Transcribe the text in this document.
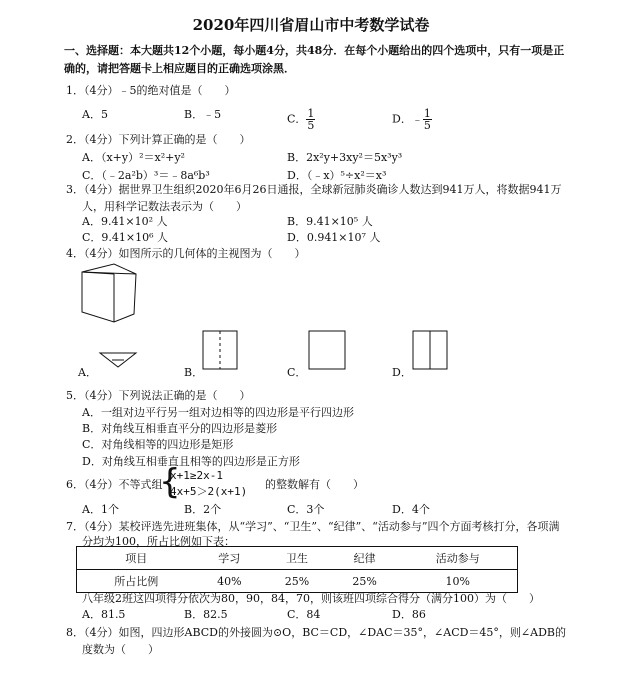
2020年四川省眉山市中考数学试卷
一、选择题：本大题共12个小题，每小题4分，共48分．在每个小题给出的四个选项中，只有一项是正
确的，请把答题卡上相应题目的正确选项涂黑．
1．（4分）﹣5的绝对值是（　　）
A．5	B．﹣5	C． $\frac{1}{5}$	D．﹣ $\frac{1}{5}$
2．（4分）下列计算正确的是（　　）
A．（x+y）²＝x²+y²	B．2x²y+3xy²＝5x³y³
C．（﹣2a²b）³＝﹣8a⁶b³	D．（﹣x）⁵÷x²＝x³
3．（4分）据世界卫生组织2020年6月26日通报，全球新冠肺炎确诊人数达到941万人，将数据941万
人，用科学记数法表示为（　　）
A．9.41×10² 人	B．9.41×10⁵ 人
C．9.41×10⁶ 人	D．0.941×10⁷ 人
4．（4分）如图所示的几何体的主视图为（　　）
A．	B．	C．	D．
5．（4分）下列说法正确的是（　　）
A．一组对边平行另一组对边相等的四边形是平行四边形
B．对角线互相垂直平分的四边形是菱形
C．对角线相等的四边形是矩形
D．对角线互相垂直且相等的四边形是正方形
6．（4分）不等式组
{
x+1≥2x-1
4x+5＞2(x+1)
的整数解有（　　）
A．1个	B．2个	C．3个	D．4个
7．（4分）某校评选先进班集体，从“学习”、“卫生”、“纪律”、“活动参与”四个方面考核打分，各项满
分均为100，所占比例如下表：
项目	学习	卫生	纪律	活动参与
所占比例	40%	25%	25%	10%
八年级2班这四项得分依次为80，90，84，70，则该班四项综合得分（满分100）为（　　）
A．81.5	B．82.5	C．84	D．86
8．（4分）如图，四边形ABCD的外接圆为⊙O，BC＝CD，∠DAC＝35°，∠ACD＝45°，则∠ADB的
度数为（　　）
